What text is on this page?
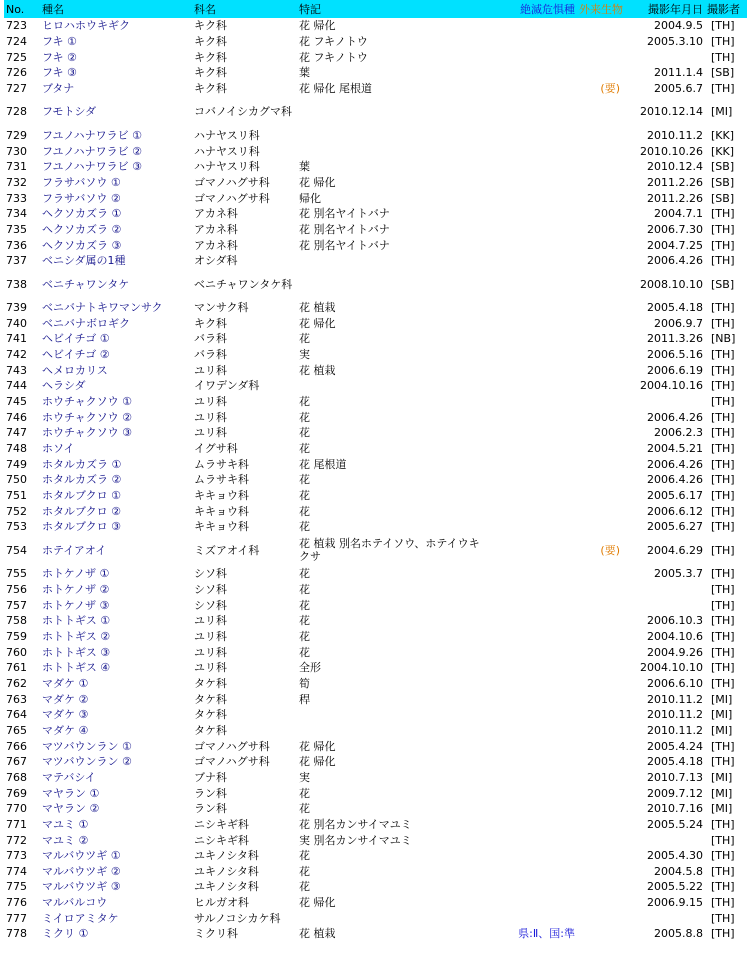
No.	種名	科名	特記	絶滅危惧種	外来生物	撮影年月日	撮影者
723	ヒロハホウキギク	キク科	花 帰化			2004.9.5	[TH]
724	フキ ①	キク科	花 フキノトウ			2005.3.10	[TH]
725	フキ ②	キク科	花 フキノトウ				[TH]
726	フキ ③	キク科	葉			2011.1.4	[SB]
727	ブタナ	キク科	花 帰化 尾根道		(要)	2005.6.7	[TH]
728	フモトシダ	コバノイシカグマ科				2010.12.14	[MI]
729	フユノハナワラビ ①	ハナヤスリ科				2010.11.2	[KK]
730	フユノハナワラビ ②	ハナヤスリ科				2010.10.26	[KK]
731	フユノハナワラビ ③	ハナヤスリ科	葉			2010.12.4	[SB]
732	フラサバソウ ①	ゴマノハグサ科	花 帰化			2011.2.26	[SB]
733	フラサバソウ ②	ゴマノハグサ科	帰化			2011.2.26	[SB]
734	ヘクソカズラ ①	アカネ科	花 別名ヤイトバナ			2004.7.1	[TH]
735	ヘクソカズラ ②	アカネ科	花 別名ヤイトバナ			2006.7.30	[TH]
736	ヘクソカズラ ③	アカネ科	花 別名ヤイトバナ			2004.7.25	[TH]
737	ベニシダ属の1種	オシダ科				2006.4.26	[TH]
738	ベニチャワンタケ	ベニチャワンタケ科				2008.10.10	[SB]
739	ベニバナトキワマンサク	マンサク科	花 植栽			2005.4.18	[TH]
740	ベニバナボロギク	キク科	花 帰化			2006.9.7	[TH]
741	ヘビイチゴ ①	バラ科	花			2011.3.26	[NB]
742	ヘビイチゴ ②	バラ科	実			2006.5.16	[TH]
743	ヘメロカリス	ユリ科	花 植栽			2006.6.19	[TH]
744	ヘラシダ	イワデンダ科				2004.10.16	[TH]
745	ホウチャクソウ ①	ユリ科	花				[TH]
746	ホウチャクソウ ②	ユリ科	花			2006.4.26	[TH]
747	ホウチャクソウ ③	ユリ科	花			2006.2.3	[TH]
748	ホソイ	イグサ科	花			2004.5.21	[TH]
749	ホタルカズラ ①	ムラサキ科	花 尾根道			2006.4.26	[TH]
750	ホタルカズラ ②	ムラサキ科	花			2006.4.26	[TH]
751	ホタルブクロ ①	キキョウ科	花			2005.6.17	[TH]
752	ホタルブクロ ②	キキョウ科	花			2006.6.12	[TH]
753	ホタルブクロ ③	キキョウ科	花			2005.6.27	[TH]
754	ホテイアオイ	ミズアオイ科	花 植栽 別名ホテイソウ、ホテイウキクサ		(要)	2004.6.29	[TH]
755	ホトケノザ ①	シソ科	花			2005.3.7	[TH]
756	ホトケノザ ②	シソ科	花				[TH]
757	ホトケノザ ③	シソ科	花				[TH]
758	ホトトギス ①	ユリ科	花			2006.10.3	[TH]
759	ホトトギス ②	ユリ科	花			2004.10.6	[TH]
760	ホトトギス ③	ユリ科	花			2004.9.26	[TH]
761	ホトトギス ④	ユリ科	全形			2004.10.10	[TH]
762	マダケ ①	タケ科	筍			2006.6.10	[TH]
763	マダケ ②	タケ科	稈			2010.11.2	[MI]
764	マダケ ③	タケ科				2010.11.2	[MI]
765	マダケ ④	タケ科				2010.11.2	[MI]
766	マツバウンラン ①	ゴマノハグサ科	花 帰化			2005.4.24	[TH]
767	マツバウンラン ②	ゴマノハグサ科	花 帰化			2005.4.18	[TH]
768	マテバシイ	ブナ科	実			2010.7.13	[MI]
769	マヤラン ①	ラン科	花			2009.7.12	[MI]
770	マヤラン ②	ラン科	花			2010.7.16	[MI]
771	マユミ ①	ニシキギ科	花 別名カンサイマユミ			2005.5.24	[TH]
772	マユミ ②	ニシキギ科	実 別名カンサイマユミ				[TH]
773	マルバウツギ ①	ユキノシタ科	花			2005.4.30	[TH]
774	マルバウツギ ②	ユキノシタ科	花			2004.5.8	[TH]
775	マルバウツギ ③	ユキノシタ科	花			2005.5.22	[TH]
776	マルバルコウ	ヒルガオ科	花 帰化			2006.9.15	[TH]
777	ミイロアミタケ	サルノコシカケ科					[TH]
778	ミクリ ①	ミクリ科	花 植栽	県:Ⅱ、国:準		2005.8.8	[TH]
